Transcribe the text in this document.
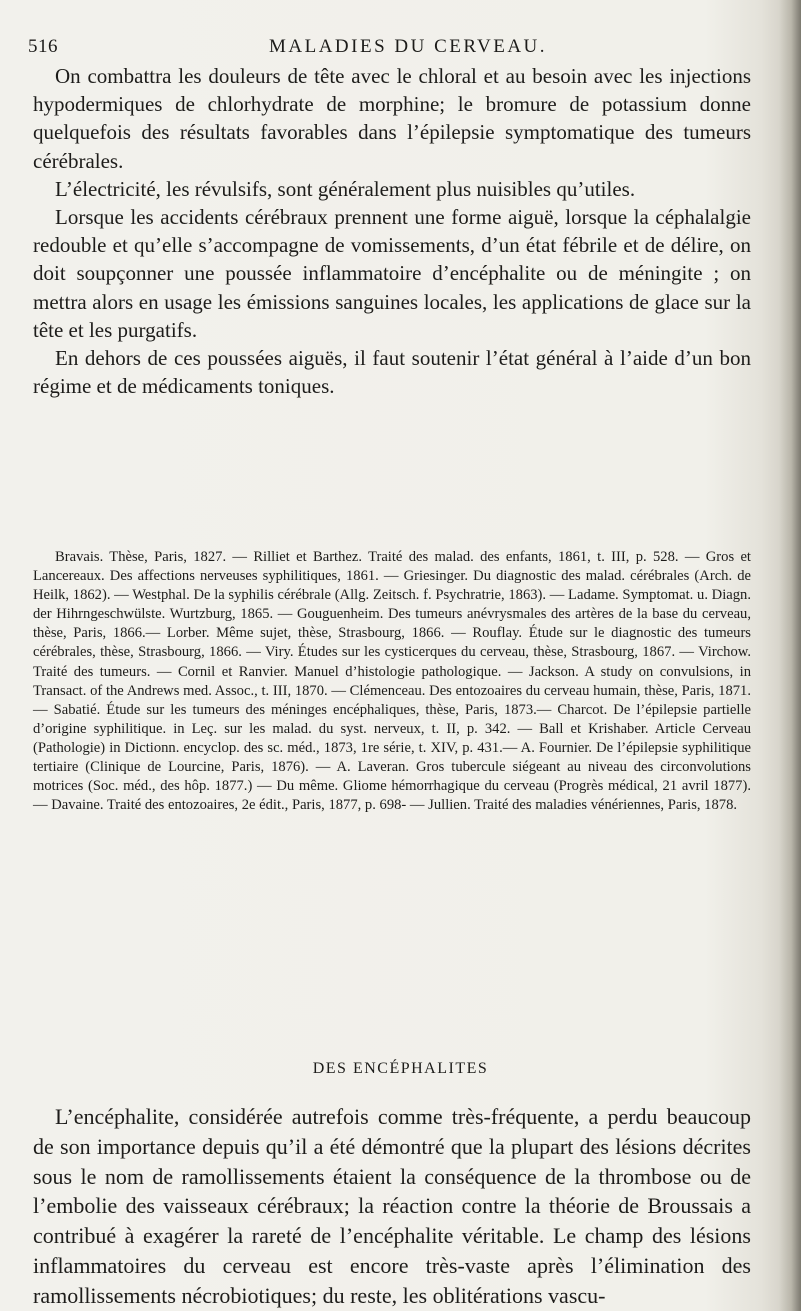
516	MALADIES DU CERVEAU.

On combattra les douleurs de tête avec le chloral et au besoin avec les injections hypodermiques de chlorhydrate de morphine; le bromure de potassium donne quelquefois des résultats favorables dans l’épilepsie symptomatique des tumeurs cérébrales.

L’électricité, les révulsifs, sont généralement plus nuisibles qu’utiles.

Lorsque les accidents cérébraux prennent une forme aiguë, lorsque la céphalalgie redouble et qu’elle s’accompagne de vomissements, d’un état fébrile et de délire, on doit soupçonner une poussée inflammatoire d’encéphalite ou de méningite ; on mettra alors en usage les émissions sanguines locales, les applications de glace sur la tête et les purgatifs.

En dehors de ces poussées aiguës, il faut soutenir l’état général à l’aide d’un bon régime et de médicaments toniques.

Bravais. Thèse, Paris, 1827. — Rilliet et Barthez. Traité des malad. des enfants, 1861, t. III, p. 528. — Gros et Lancereaux. Des affections nerveuses syphilitiques, 1861. — Griesinger. Du diagnostic des malad. cérébrales (Arch. de Heilk, 1862). — Westphal. De la syphilis cérébrale (Allg. Zeitsch. f. Psychratrie, 1863). — Ladame. Symptomat. u. Diagn. der Hihrngeschwülste. Wurtzburg, 1865. — Gouguenheim. Des tumeurs anévrysmales des artères de la base du cerveau, thèse, Paris, 1866.— Lorber. Même sujet, thèse, Strasbourg, 1866. — Rouflay. Étude sur le diagnostic des tumeurs cérébrales, thèse, Strasbourg, 1866. — Viry. Études sur les cysticerques du cerveau, thèse, Strasbourg, 1867. — Virchow. Traité des tumeurs. — Cornil et Ranvier. Manuel d’histologie pathologique. — Jackson. A study on convulsions, in Transact. of the Andrews med. Assoc., t. III, 1870. — Clémenceau. Des entozoaires du cerveau humain, thèse, Paris, 1871. — Sabatié. Étude sur les tumeurs des méninges encéphaliques, thèse, Paris, 1873.— Charcot. De l’épilepsie partielle d’origine syphilitique. in Leç. sur les malad. du syst. nerveux, t. II, p. 342. — Ball et Krishaber. Article Cerveau (Pathologie) in Dictionn. encyclop. des sc. méd., 1873, 1re série, t. XIV, p. 431.— A. Fournier. De l’épilepsie syphilitique tertiaire (Clinique de Lourcine, Paris, 1876). — A. Laveran. Gros tubercule siégeant au niveau des circonvolutions motrices (Soc. méd., des hôp. 1877.) — Du même. Gliome hémorrhagique du cerveau (Progrès médical, 21 avril 1877). — Davaine. Traité des entozoaires, 2e édit., Paris, 1877, p. 698- — Jullien. Traité des maladies vénériennes, Paris, 1878.

DES ENCÉPHALITES

L’encéphalite, considérée autrefois comme très-fréquente, a perdu beaucoup de son importance depuis qu’il a été démontré que la plupart des lésions décrites sous le nom de ramollissements étaient la conséquence de la thrombose ou de l’embolie des vaisseaux cérébraux; la réaction contre la théorie de Broussais a contribué à exagérer la rareté de l’encéphalite véritable. Le champ des lésions inflammatoires du cerveau est encore très-vaste après l’élimination des ramollissements nécrobiotiques; du reste, les oblitérations vascu-
